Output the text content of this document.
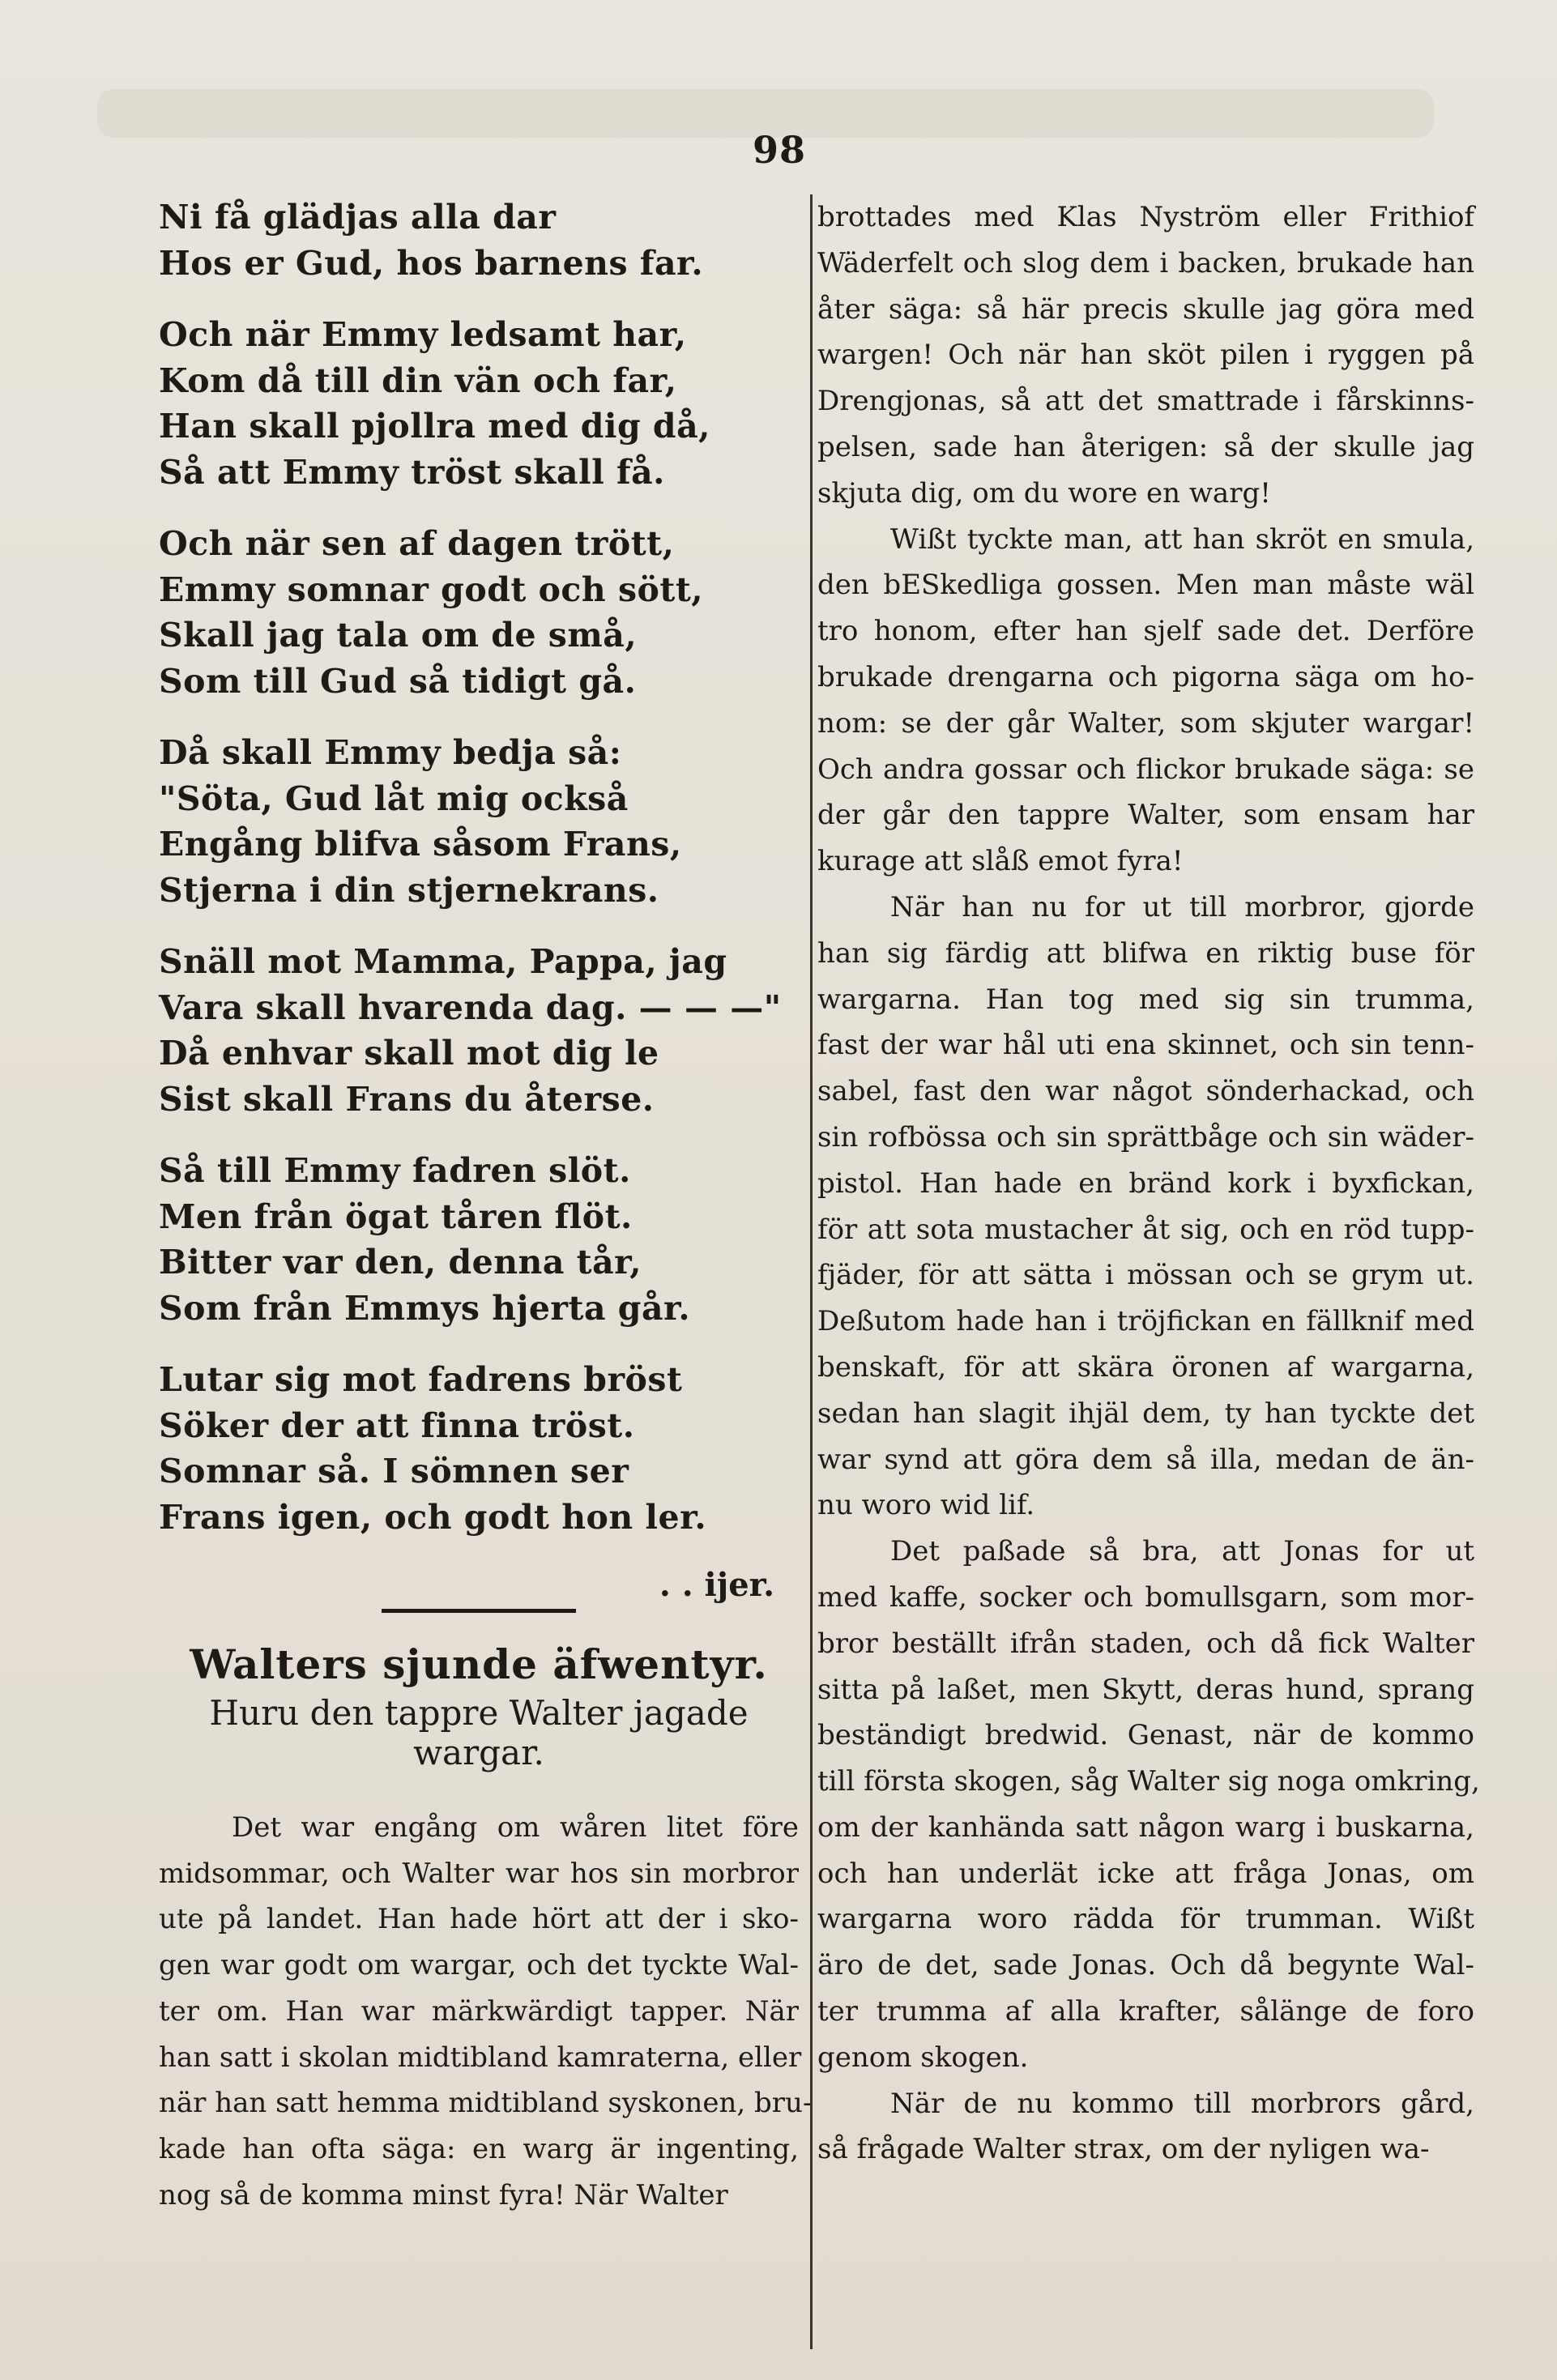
98
Ni få glädjas alla dar
Hos er Gud, hos barnens far.
Och när Emmy ledsamt har,
Kom då till din vän och far,
Han skall pjollra med dig då,
Så att Emmy tröst skall få.
Och när sen af dagen trött,
Emmy somnar godt och sött,
Skall jag tala om de små,
Som till Gud så tidigt gå.
Då skall Emmy bedja så:
"Söta, Gud låt mig också
Engång blifva såsom Frans,
Stjerna i din stjernekrans.
Snäll mot Mamma, Pappa, jag
Vara skall hvarenda dag. — — —"
Då enhvar skall mot dig le
Sist skall Frans du återse.
Så till Emmy fadren slöt.
Men från ögat tåren flöt.
Bitter var den, denna tår,
Som från Emmys hjerta går.
Lutar sig mot fadrens bröst
Söker der att finna tröst.
Somnar så. I sömnen ser
Frans igen, och godt hon ler.
. . ijer.
Walters sjunde äfwentyr.
Huru den tappre Walter jagade wargar.
Det war engång om wåren litet före
midsommar, och Walter war hos sin morbror
ute på landet. Han hade hört att der i sko-
gen war godt om wargar, och det tyckte Wal-
ter om. Han war märkwärdigt tapper. När
han satt i skolan midtibland kamraterna, eller
när han satt hemma midtibland syskonen, bru-
kade han ofta säga: en warg är ingenting,
nog så de komma minst fyra! När Walter
brottades med Klas Nyström eller Frithiof
Wäderfelt och slog dem i backen, brukade han
åter säga: så här precis skulle jag göra med
wargen! Och när han sköt pilen i ryggen på
Drengjonas, så att det smattrade i fårskinns-
pelsen, sade han återigen: så der skulle jag
skjuta dig, om du wore en warg!
Wißt tyckte man, att han skröt en smula,
den bESkedliga gossen. Men man måste wäl
tro honom, efter han sjelf sade det. Derföre
brukade drengarna och pigorna säga om ho-
nom: se der går Walter, som skjuter wargar!
Och andra gossar och flickor brukade säga: se
der går den tappre Walter, som ensam har
kurage att slåß emot fyra!
När han nu for ut till morbror, gjorde
han sig färdig att blifwa en riktig buse för
wargarna. Han tog med sig sin trumma,
fast der war hål uti ena skinnet, och sin tenn-
sabel, fast den war något sönderhackad, och
sin rofbössa och sin sprättbåge och sin wäder-
pistol. Han hade en bränd kork i byxfickan,
för att sota mustacher åt sig, och en röd tupp-
fjäder, för att sätta i mössan och se grym ut.
Deßutom hade han i tröjfickan en fällknif med
benskaft, för att skära öronen af wargarna,
sedan han slagit ihjäl dem, ty han tyckte det
war synd att göra dem så illa, medan de än-
nu woro wid lif.
Det paßade så bra, att Jonas for ut
med kaffe, socker och bomullsgarn, som mor-
bror beställt ifrån staden, och då fick Walter
sitta på laßet, men Skytt, deras hund, sprang
beständigt bredwid. Genast, när de kommo
till första skogen, såg Walter sig noga omkring,
om der kanhända satt någon warg i buskarna,
och han underlät icke att fråga Jonas, om
wargarna woro rädda för trumman. Wißt
äro de det, sade Jonas. Och då begynte Wal-
ter trumma af alla krafter, sålänge de foro
genom skogen.
När de nu kommo till morbrors gård,
så frågade Walter strax, om der nyligen wa-
